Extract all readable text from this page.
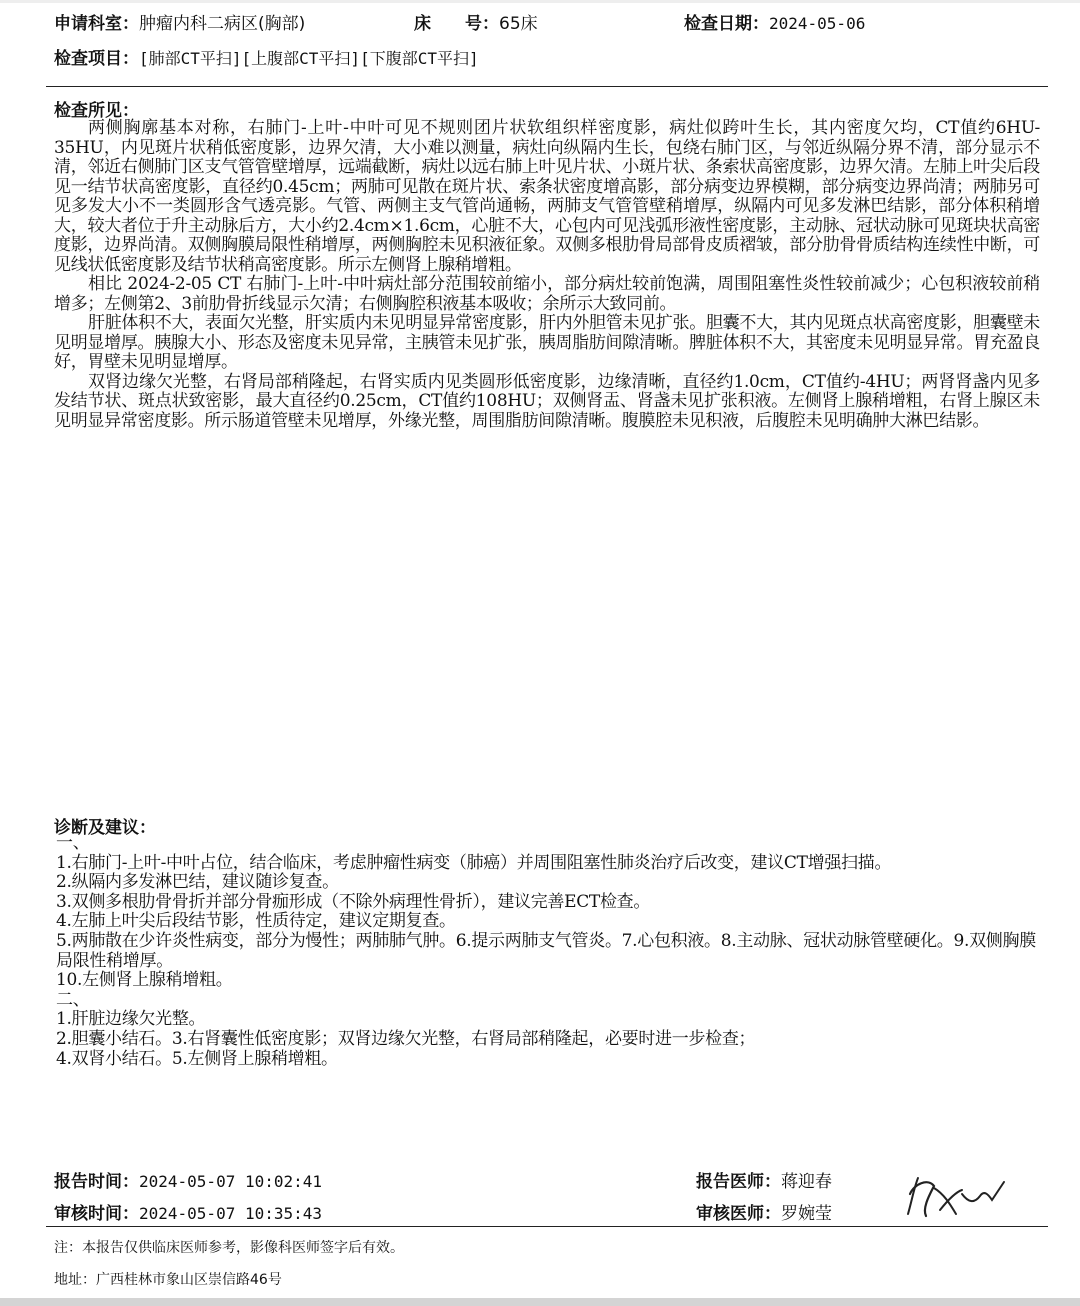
申请科室：肿瘤内科二病区(胸部)	床　　号：65床	检查日期：2024-05-06
检查项目：[肺部CT平扫][上腹部CT平扫][下腹部CT平扫]
检查所见：

两侧胸廓基本对称，右肺门-上叶-中叶可见不规则团片状软组织样密度影，病灶似跨叶生长，其内密度欠均，CT值约6HU-35HU，内见斑片状稍低密度影，边界欠清，大小难以测量，病灶向纵隔内生长，包绕右肺门区，与邻近纵隔分界不清，部分显示不清，邻近右侧肺门区支气管管壁增厚，远端截断，病灶以远右肺上叶见片状、小斑片状、条索状高密度影，边界欠清。左肺上叶尖后段见一结节状高密度影，直径约0.45cm；两肺可见散在斑片状、索条状密度增高影，部分病变边界模糊，部分病变边界尚清；两肺另可见多发大小不一类圆形含气透亮影。气管、两侧主支气管尚通畅，两肺支气管管壁稍增厚，纵隔内可见多发淋巴结影，部分体积稍增大，较大者位于升主动脉后方，大小约2.4cm×1.6cm，心脏不大，心包内可见浅弧形液性密度影，主动脉、冠状动脉可见斑块状高密度影，边界尚清。双侧胸膜局限性稍增厚，两侧胸腔未见积液征象。双侧多根肋骨局部骨皮质褶皱，部分肋骨骨质结构连续性中断，可见线状低密度影及结节状稍高密度影。所示左侧肾上腺稍增粗。

相比 2024-2-05 CT 右肺门-上叶-中叶病灶部分范围较前缩小，部分病灶较前饱满，周围阻塞性炎性较前减少；心包积液较前稍增多；左侧第2、3前肋骨折线显示欠清；右侧胸腔积液基本吸收；余所示大致同前。

肝脏体积不大，表面欠光整，肝实质内未见明显异常密度影，肝内外胆管未见扩张。胆囊不大，其内见斑点状高密度影，胆囊壁未见明显增厚。胰腺大小、形态及密度未见异常，主胰管未见扩张，胰周脂肪间隙清晰。脾脏体积不大，其密度未见明显异常。胃充盈良好，胃壁未见明显增厚。

双肾边缘欠光整，右肾局部稍隆起，右肾实质内见类圆形低密度影，边缘清晰，直径约1.0cm，CT值约-4HU；两肾肾盏内见多发结节状、斑点状致密影，最大直径约0.25cm，CT值约108HU；双侧肾盂、肾盏未见扩张积液。左侧肾上腺稍增粗，右肾上腺区未见明显异常密度影。所示肠道管壁未见增厚，外缘光整，周围脂肪间隙清晰。腹膜腔未见积液，后腹腔未见明确肿大淋巴结影。

诊断及建议：
一、
1.右肺门-上叶-中叶占位，结合临床，考虑肿瘤性病变（肺癌）并周围阻塞性肺炎治疗后改变，建议CT增强扫描。
2.纵隔内多发淋巴结，建议随诊复查。
3.双侧多根肋骨骨折并部分骨痂形成（不除外病理性骨折），建议完善ECT检查。
4.左肺上叶尖后段结节影，性质待定，建议定期复查。
5.两肺散在少许炎性病变，部分为慢性；两肺肺气肿。6.提示两肺支气管炎。7.心包积液。8.主动脉、冠状动脉管壁硬化。9.双侧胸膜局限性稍增厚。
10.左侧肾上腺稍增粗。
二、
1.肝脏边缘欠光整。
2.胆囊小结石。3.右肾囊性低密度影；双肾边缘欠光整，右肾局部稍隆起，必要时进一步检查；
4.双肾小结石。5.左侧肾上腺稍增粗。
报告时间：2024-05-07 10:02:41	报告医师：蒋迎春
审核时间：2024-05-07 10:35:43	审核医师：罗婉莹
注：本报告仅供临床医师参考，影像科医师签字后有效。
地址：广西桂林市象山区崇信路46号
